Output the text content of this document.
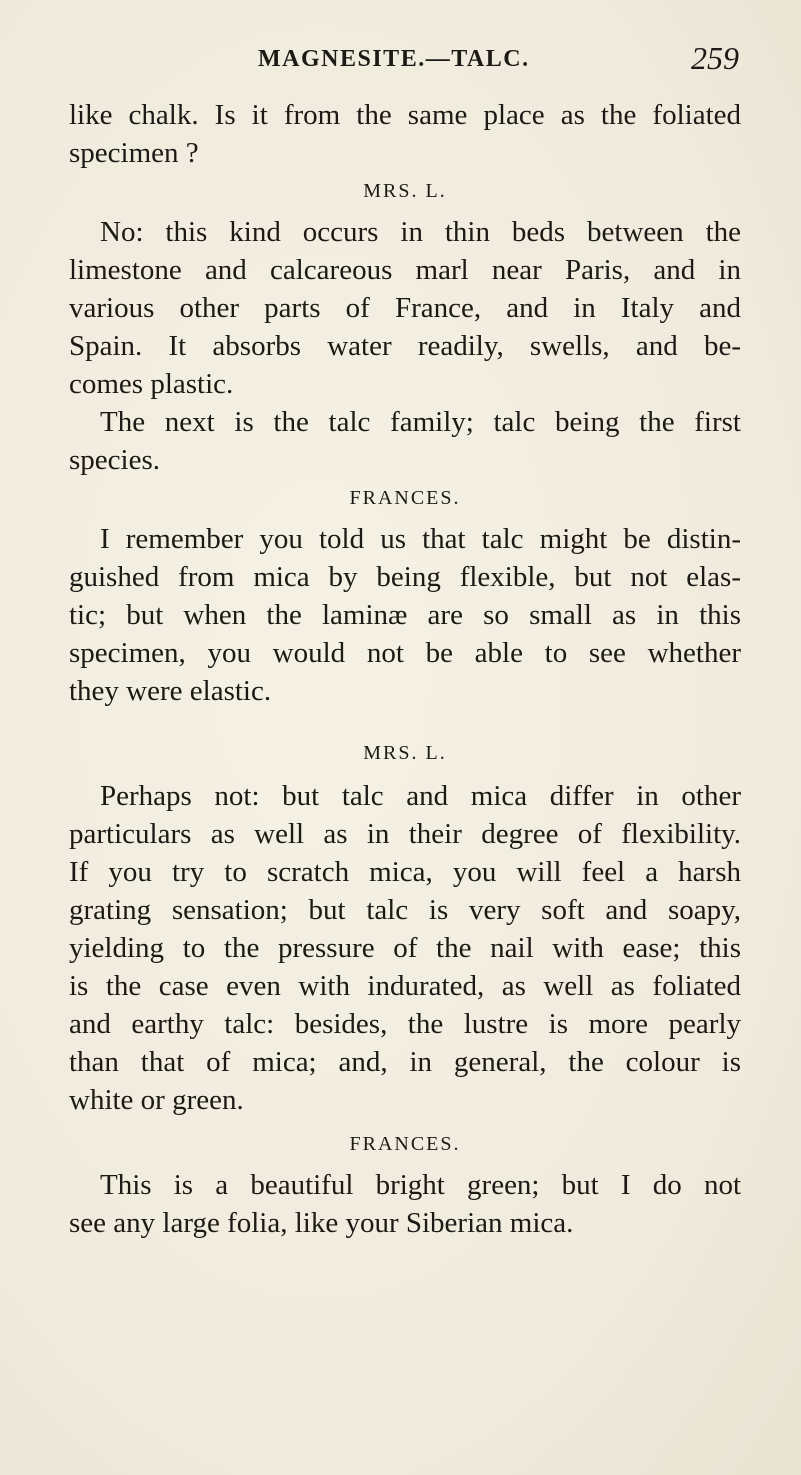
MAGNESITE.—TALC.	259

like chalk. Is it from the same place as the foliated
specimen ?

MRS. L.

No: this kind occurs in thin beds between the
limestone and calcareous marl near Paris, and in
various other parts of France, and in Italy and
Spain. It absorbs water readily, swells, and be-
comes plastic.

The next is the talc family; talc being the first
species.

FRANCES.

I remember you told us that talc might be distin-
guished from mica by being flexible, but not elas-
tic; but when the laminæ are so small as in this
specimen, you would not be able to see whether
they were elastic.

MRS. L.

Perhaps not: but talc and mica differ in other
particulars as well as in their degree of flexibility.
If you try to scratch mica, you will feel a harsh
grating sensation; but talc is very soft and soapy,
yielding to the pressure of the nail with ease; this
is the case even with indurated, as well as foliated
and earthy talc: besides, the lustre is more pearly
than that of mica; and, in general, the colour is
white or green.

FRANCES.

This is a beautiful bright green; but I do not
see any large folia, like your Siberian mica.
